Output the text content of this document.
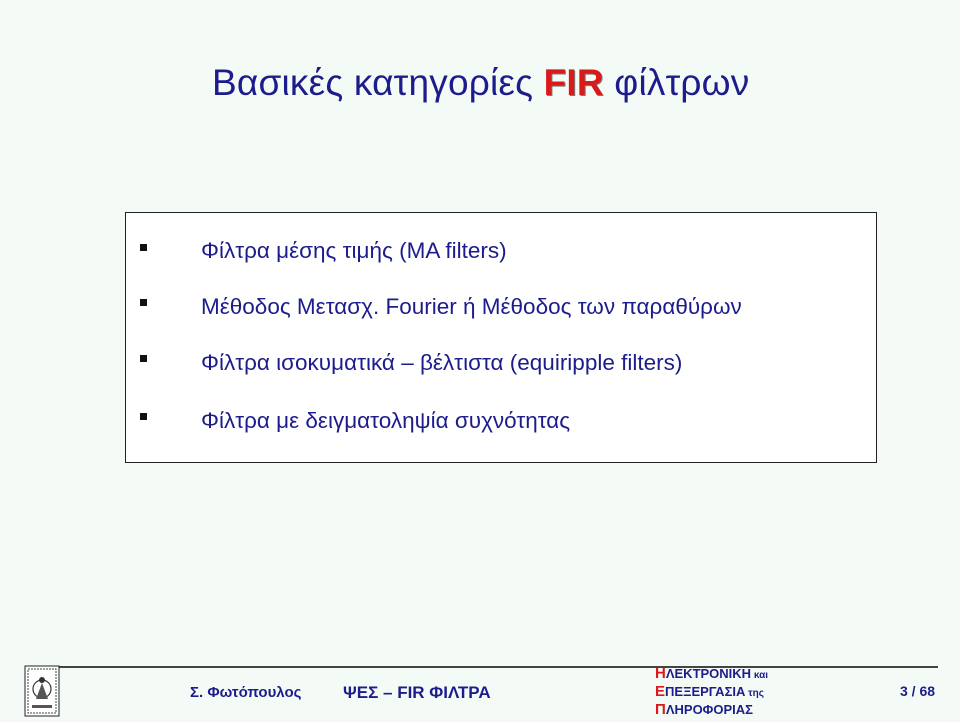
Βασικές κατηγορίες FIR φίλτρων
Φίλτρα μέσης τιμής (MA filters)
Μέθοδος Μετασχ. Fourier ή Μέθοδος των παραθύρων
Φίλτρα ισοκυματικά – βέλτιστα (equiripple filters)
Φίλτρα με δειγματοληψία συχνότητας
Σ. Φωτόπουλος ΨΕΣ – FIR ΦΙΛΤΡΑ
ΗΛΕΚΤΡΟΝΙΚΗ και
ΕΠΕΞΕΡΓΑΣΙΑ της
ΠΛΗΡΟΦΟΡΙΑΣ
3 / 68
